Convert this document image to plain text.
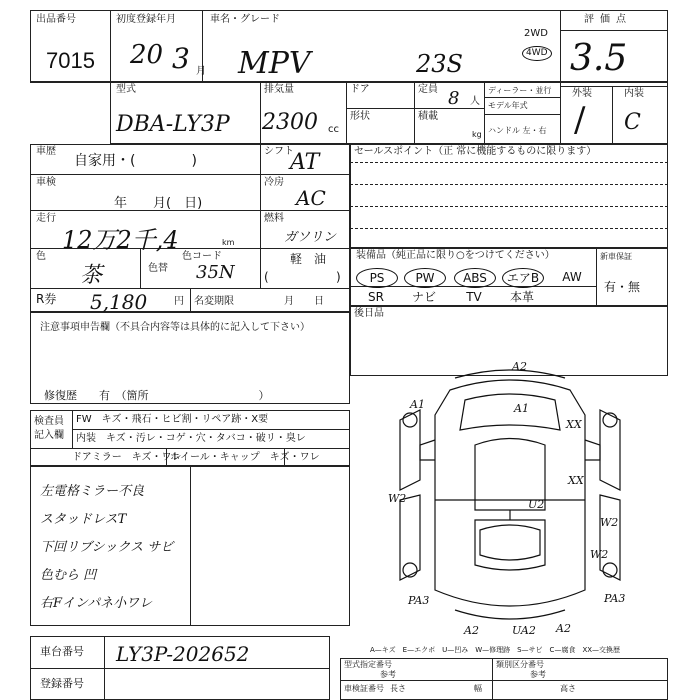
出品番号
7015
初度登録年月
20 3 月
車名・グレード
MPV	23S
2WD
4WD
評価点
3.5
型式
DBA-LY3P
排気量
2300 cc
ドア	定員 8 人
ディーラー・並行
モデル年式
形状	積載
kg ハンドル 左・右
外装	内装
/ C
車歴
自家用・(　　　　)
シフト
AT
車検
年　　月(　日)
冷房
AC
走行
12万2千,4	km
燃料
ガソリン
軽　油
色
茶	色替
色コード
35N (	)
R券 5,180	円 名変期限	月　　日
セールスポイント（正 常に機能するものに限ります）
装備品（純正品に限り○をつけてください）	新車保証
有・無
PS	PW	ABS	エアB	AW
SR	ナビ	TV	本革
後日品
注意事項申告欄（不具合内容等は具体的に記入して下さい）
修復歴　　有　（箇所　　　　　　　　　　）
検査員
記入欄
FW　キズ・飛石・ヒビ割・リペア跡・X要
内装　キズ・汚レ・コゲ・穴・タバコ・破リ・臭レ
ドアミラー　キズ・ワレ
ホイール・キャップ　キズ・ワレ
左電格ミラー不良
スタッドレスT
下回リブシックス サビ
色むら 凹
右Fインパネ小ワレ
A2
A1	A1
XX
XX
W2	U2
W2
W2
PA3	PA3
UA2
A2	A2
A—キズ　E—エクボ　U—凹み　W—修理跡　S—サビ　C—腐食　XX—交換歴
車台番号 LY3P-202652
登録番号
型式指定番号
参考
類別区分番号
参考
車検証番号 長さ	幅	高さ
